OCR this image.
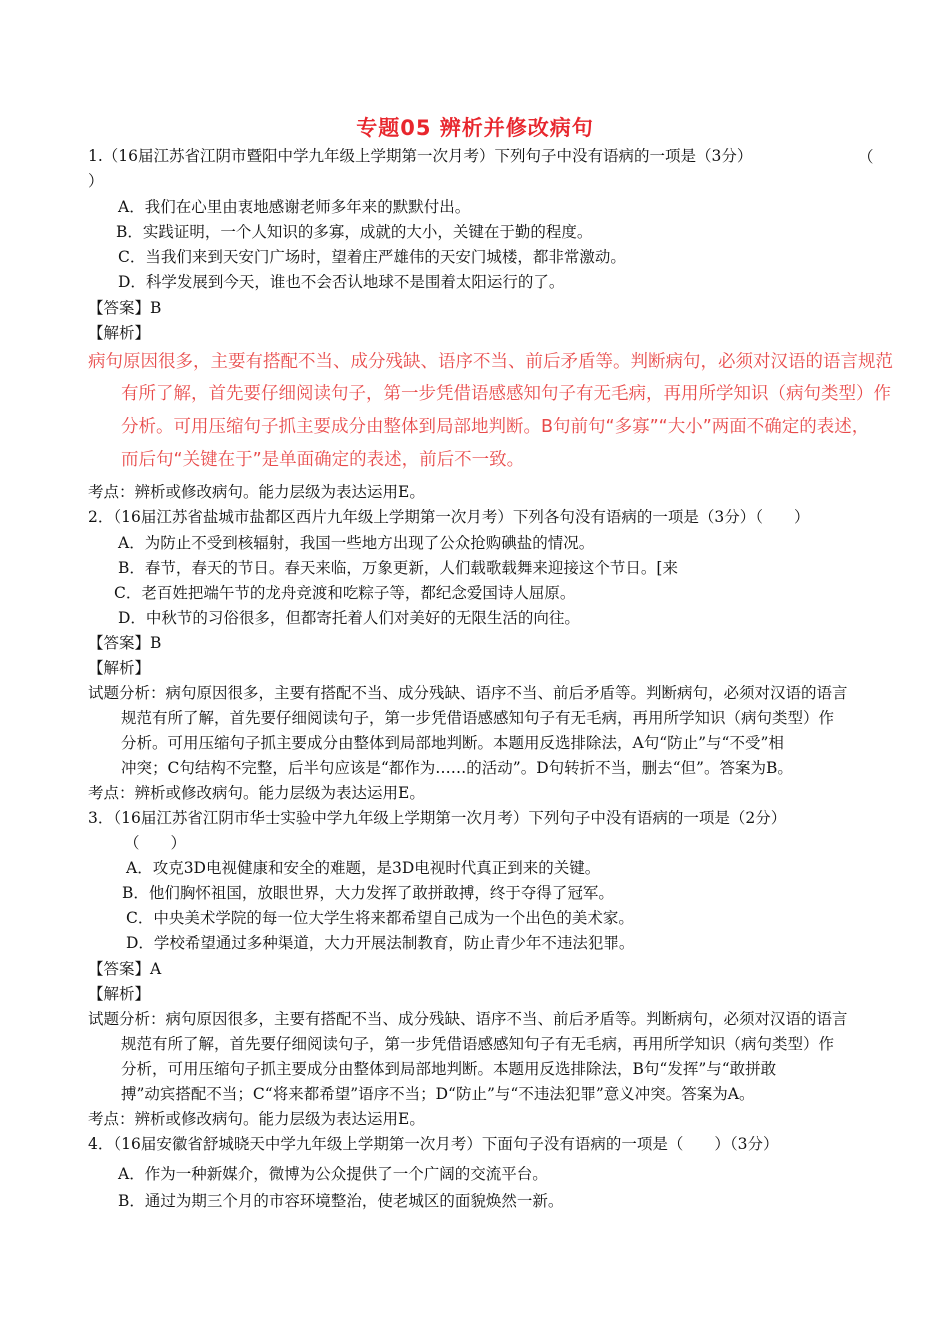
专题05 辨析并修改病句
1.（16届江苏省江阴市暨阳中学九年级上学期第一次月考）下列句子中没有语病的一项是（3分）	（
）
A．我们在心里由衷地感谢老师多年来的默默付出。
B．实践证明，一个人知识的多寡，成就的大小，关键在于勤的程度。
C．当我们来到天安门广场时，望着庄严雄伟的天安门城楼，都非常激动。
D．科学发展到今天，谁也不会否认地球不是围着太阳运行的了。
【答案】B
【解析】
病句原因很多，主要有搭配不当、成分残缺、语序不当、前后矛盾等。判断病句，必须对汉语的语言规范
有所了解，首先要仔细阅读句子，第一步凭借语感感知句子有无毛病，再用所学知识（病句类型）作
分析。可用压缩句子抓主要成分由整体到局部地判断。B句前句“多寡”“大小”两面不确定的表述，
而后句“关键在于”是单面确定的表述，前后不一致。
考点：辨析或修改病句。能力层级为表达运用E。
2．（16届江苏省盐城市盐都区西片九年级上学期第一次月考）下列各句没有语病的一项是（3分）（　　）
A．为防止不受到核辐射，我国一些地方出现了公众抢购碘盐的情况。
B．春节，春天的节日。春天来临，万象更新，人们载歌载舞来迎接这个节日。[来
C．老百姓把端午节的龙舟竞渡和吃粽子等，都纪念爱国诗人屈原。
D．中秋节的习俗很多，但都寄托着人们对美好的无限生活的向往。
【答案】B
【解析】
试题分析：病句原因很多，主要有搭配不当、成分残缺、语序不当、前后矛盾等。判断病句，必须对汉语的语言
规范有所了解，首先要仔细阅读句子，第一步凭借语感感知句子有无毛病，再用所学知识（病句类型）作
分析。可用压缩句子抓主要成分由整体到局部地判断。本题用反选排除法，A句“防止”与“不受”相
冲突；C句结构不完整，后半句应该是“都作为……的活动”。D句转折不当，删去“但”。答案为B。
考点：辨析或修改病句。能力层级为表达运用E。
3．（16届江苏省江阴市华士实验中学九年级上学期第一次月考）下列句子中没有语病的一项是（2分）
（　　）
A．攻克3D电视健康和安全的难题，是3D电视时代真正到来的关键。
B．他们胸怀祖国，放眼世界，大力发挥了敢拼敢搏，终于夺得了冠军。
C．中央美术学院的每一位大学生将来都希望自己成为一个出色的美术家。
D．学校希望通过多种渠道，大力开展法制教育，防止青少年不违法犯罪。
【答案】A
【解析】
试题分析：病句原因很多，主要有搭配不当、成分残缺、语序不当、前后矛盾等。判断病句，必须对汉语的语言
规范有所了解，首先要仔细阅读句子，第一步凭借语感感知句子有无毛病，再用所学知识（病句类型）作
分析，可用压缩句子抓主要成分由整体到局部地判断。本题用反选排除法，B句“发挥”与“敢拼敢
搏”动宾搭配不当；C“将来都希望”语序不当；D“防止”与“不违法犯罪”意义冲突。答案为A。
考点：辨析或修改病句。能力层级为表达运用E。
4．（16届安徽省舒城晓天中学九年级上学期第一次月考）下面句子没有语病的一项是（　　）（3分）
A．作为一种新媒介，微博为公众提供了一个广阔的交流平台。
B．通过为期三个月的市容环境整治，使老城区的面貌焕然一新。
